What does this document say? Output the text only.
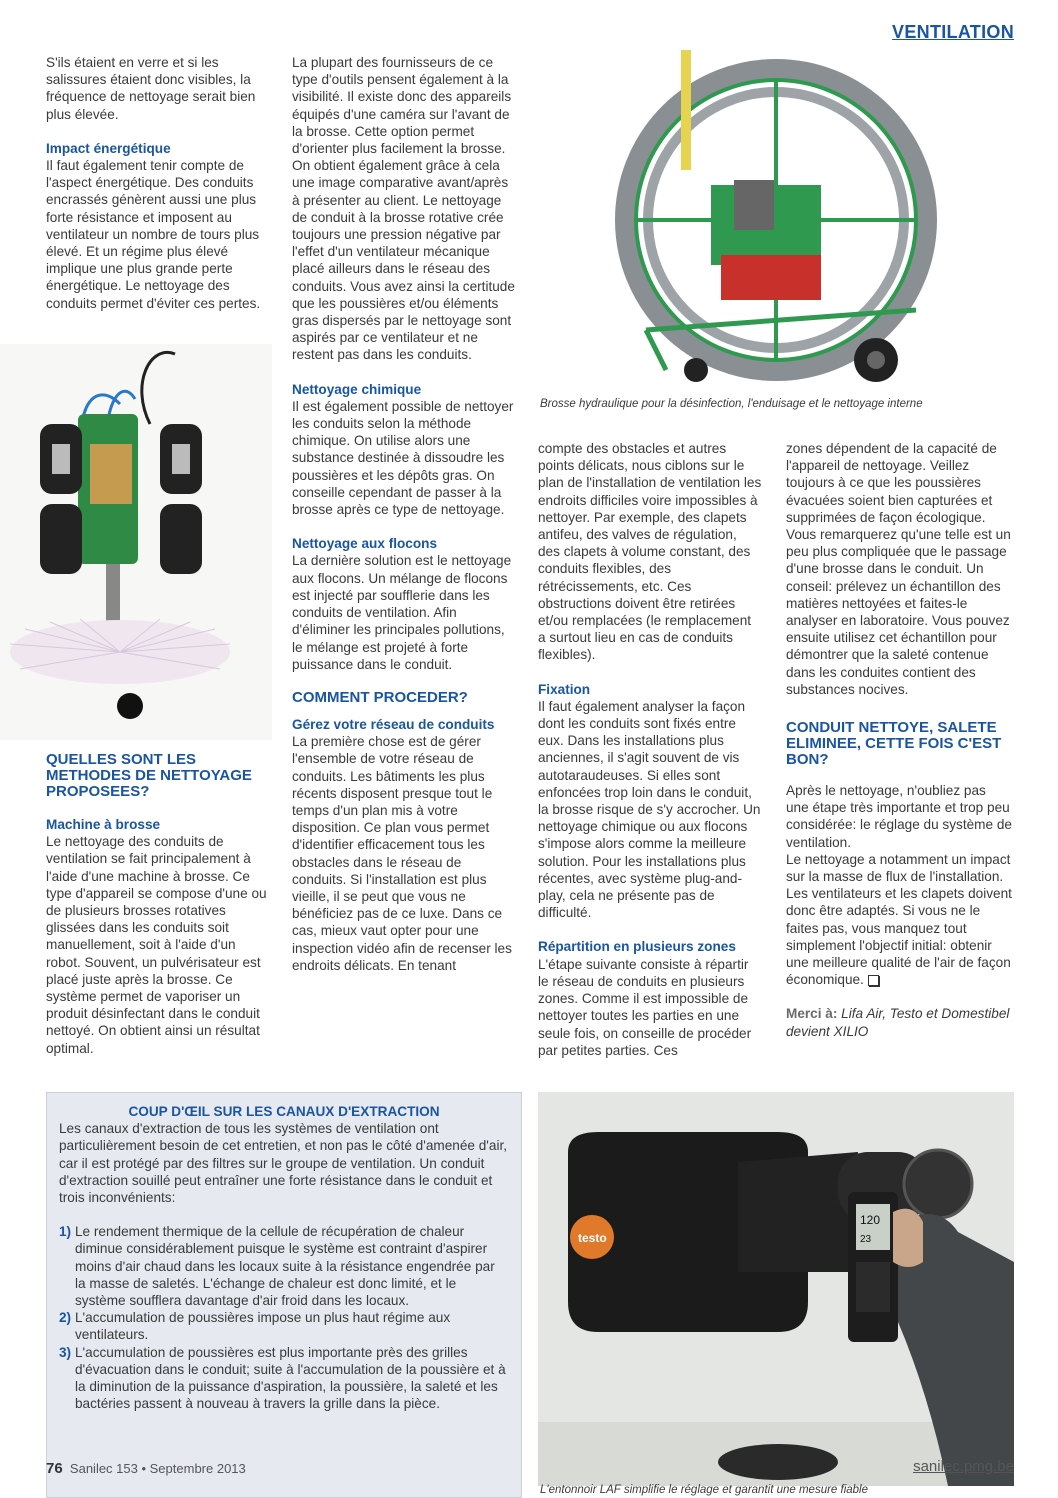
VENTILATION

S'ils étaient en verre et si les salissures étaient donc visibles, la fréquence de nettoyage serait bien plus élevée.

Impact énergétique

Il faut également tenir compte de l'aspect énergétique. Des conduits encrassés génèrent aussi une plus forte résistance et imposent au ventilateur un nombre de tours plus élevé. Et un régime plus élevé implique une plus grande perte énergétique. Le nettoyage des conduits permet d'éviter ces pertes.

QUELLES SONT LES METHODES DE NETTOYAGE PROPOSEES?

Machine à brosse

Le nettoyage des conduits de ventilation se fait principalement à l'aide d'une machine à brosse. Ce type d'appareil se compose d'une ou de plusieurs brosses rotatives glissées dans les conduits soit manuellement, soit à l'aide d'un robot. Souvent, un pulvérisateur est placé juste après la brosse. Ce système permet de vaporiser un produit désinfectant dans le conduit nettoyé. On obtient ainsi un résultat optimal.

La plupart des fournisseurs de ce type d'outils pensent également à la visibilité. Il existe donc des appareils équipés d'une caméra sur l'avant de la brosse. Cette option permet d'orienter plus facilement la brosse. On obtient également grâce à cela une image comparative avant/après à présenter au client. Le nettoyage de conduit à la brosse rotative crée toujours une pression négative par l'effet d'un ventilateur mécanique placé ailleurs dans le réseau des conduits. Vous avez ainsi la certitude que les poussières et/ou éléments gras dispersés par le nettoyage sont aspirés par ce ventilateur et ne restent pas dans les conduits.

Nettoyage chimique

Il est également possible de nettoyer les conduits selon la méthode chimique. On utilise alors une substance destinée à dissoudre les poussières et les dépôts gras. On conseille cependant de passer à la brosse après ce type de nettoyage.

Nettoyage aux flocons

La dernière solution est le nettoyage aux flocons. Un mélange de flocons est injecté par soufflerie dans les conduits de ventilation. Afin d'éliminer les principales pollutions, le mélange est projeté à forte puissance dans le conduit.

COMMENT PROCEDER?

Gérez votre réseau de conduits

La première chose est de gérer l'ensemble de votre réseau de conduits. Les bâtiments les plus récents disposent presque tout le temps d'un plan mis à votre disposition. Ce plan vous permet d'identifier efficacement tous les obstacles dans le réseau de conduits. Si l'installation est plus vieille, il se peut que vous ne bénéficiez pas de ce luxe. Dans ce cas, mieux vaut opter pour une inspection vidéo afin de recenser les endroits délicats. En tenant

Brosse hydraulique pour la désinfection, l'enduisage et le nettoyage interne

compte des obstacles et autres points délicats, nous ciblons sur le plan de l'installation de ventilation les endroits difficiles voire impossibles à nettoyer. Par exemple, des clapets antifeu, des valves de régulation, des clapets à volume constant, des conduits flexibles, des rétrécissements, etc. Ces obstructions doivent être retirées et/ou remplacées (le remplacement a surtout lieu en cas de conduits flexibles).

Fixation

Il faut également analyser la façon dont les conduits sont fixés entre eux. Dans les installations plus anciennes, il s'agit souvent de vis autotaraudeuses. Si elles sont enfoncées trop loin dans le conduit, la brosse risque de s'y accrocher. Un nettoyage chimique ou aux flocons s'impose alors comme la meilleure solution. Pour les installations plus récentes, avec système plug-and-play, cela ne présente pas de difficulté.

Répartition en plusieurs zones

L'étape suivante consiste à répartir le réseau de conduits en plusieurs zones. Comme il est impossible de nettoyer toutes les parties en une seule fois, on conseille de procéder par petites parties. Ces

zones dépendent de la capacité de l'appareil de nettoyage. Veillez toujours à ce que les poussières évacuées soient bien capturées et supprimées de façon écologique. Vous remarquerez qu'une telle est un peu plus compliquée que le passage d'une brosse dans le conduit. Un conseil: prélevez un échantillon des matières nettoyées et faites-le analyser en laboratoire. Vous pouvez ensuite utilisez cet échantillon pour démontrer que la saleté contenue dans les conduites contient des substances nocives.

CONDUIT NETTOYE, SALETE ELIMINEE, CETTE FOIS C'EST BON?

Après le nettoyage, n'oubliez pas une étape très importante et trop peu considérée: le réglage du système de ventilation.

Le nettoyage a notamment un impact sur la masse de flux de l'installation. Les ventilateurs et les clapets doivent donc être adaptés. Si vous ne le faites pas, vous manquez tout simplement l'objectif initial: obtenir une meilleure qualité de l'air de façon économique.

Merci à: Lifa Air, Testo et Domestibel devient XILIO

COUP D'ŒIL SUR LES CANAUX D'EXTRACTION

Les canaux d'extraction de tous les systèmes de ventilation ont particulièrement besoin de cet entretien, et non pas le côté d'amenée d'air, car il est protégé par des filtres sur le groupe de ventilation. Un conduit d'extraction souillé peut entraîner une forte résistance dans le conduit et trois inconvénients:

1) Le rendement thermique de la cellule de récupération de chaleur diminue considérablement puisque le système est contraint d'aspirer moins d'air chaud dans les locaux suite à la résistance engendrée par la masse de saletés. L'échange de chaleur est donc limité, et le système soufflera davantage d'air froid dans les locaux.

2) L'accumulation de poussières impose un plus haut régime aux ventilateurs.

3) L'accumulation de poussières est plus importante près des grilles d'évacuation dans le conduit; suite à l'accumulation de la poussière et à la diminution de la puissance d'aspiration, la poussière, la saleté et les bactéries passent à nouveau à travers la grille dans la pièce.

testo
120
23
L'entonnoir LAF simplifie le réglage et garantit une mesure fiable
76 Sanilec 153 • Septembre 2013	sanilec.pmg.be
